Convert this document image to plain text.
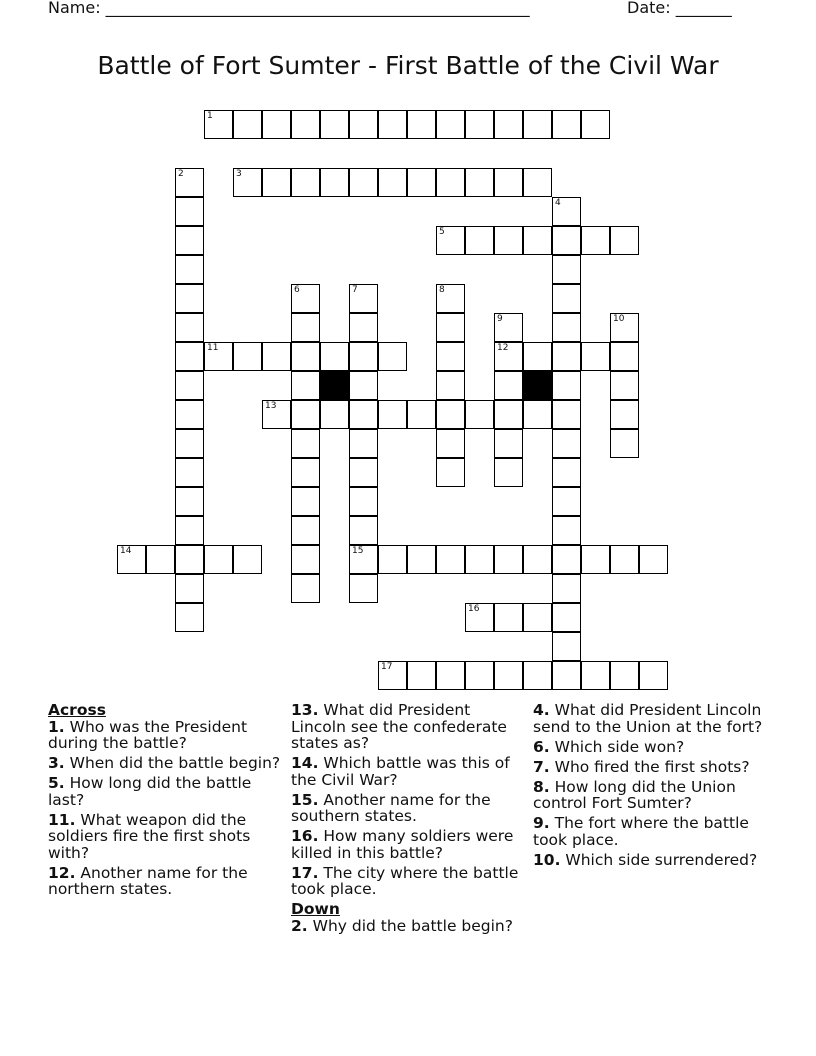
Name: _____________________________________________________	Date: _______
Battle of Fort Sumter - First Battle of the Civil War
1
2	3
4
5
6	7
15
8
9
12
10
11
13
14
16
17
Across
1. Who was the President during the battle?
3. When did the battle begin?
5. How long did the battle last?
11. What weapon did the soldiers fire the first shots with?
12. Another name for the northern states.
13. What did President Lincoln see the confederate states as?
14. Which battle was this of the Civil War?
15. Another name for the southern states.
16. How many soldiers were killed in this battle?
17. The city where the battle took place.
Down
2. Why did the battle begin?
4. What did President Lincoln send to the Union at the fort?
6. Which side won?
7. Who fired the first shots?
8. How long did the Union control Fort Sumter?
9. The fort where the battle took place.
10. Which side surrendered?
